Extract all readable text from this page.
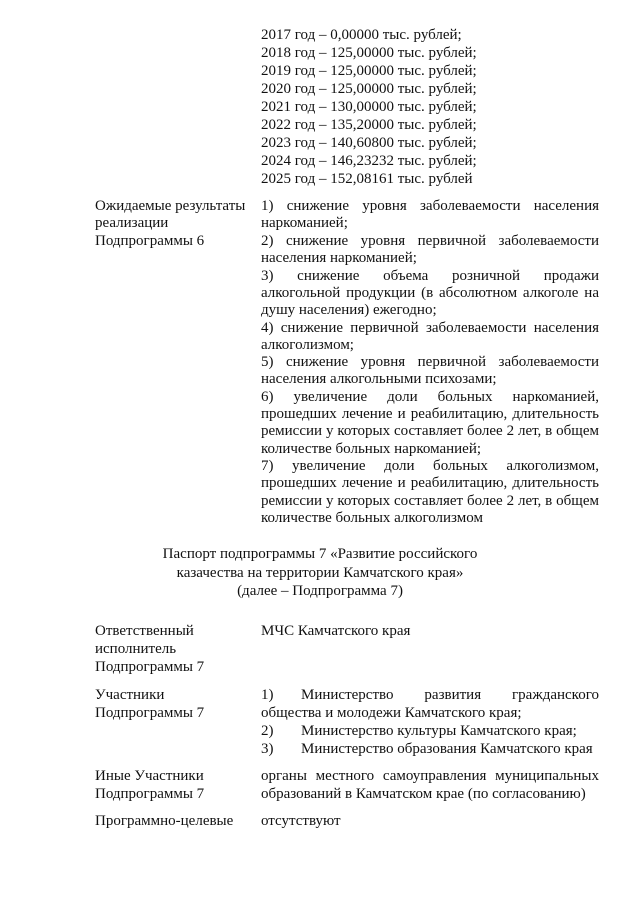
2017 год – 0,00000 тыс. рублей;
2018 год – 125,00000 тыс. рублей;
2019 год – 125,00000 тыс. рублей;
2020 год – 125,00000 тыс. рублей;
2021 год – 130,00000 тыс. рублей;
2022 год – 135,20000 тыс. рублей;
2023 год – 140,60800 тыс. рублей;
2024 год – 146,23232 тыс. рублей;
2025 год – 152,08161 тыс. рублей
Ожидаемые результаты
реализации
Подпрограммы 6
1) снижение уровня заболеваемости населения
наркоманией;
2) снижение уровня первичной заболеваемости
населения наркоманией;
3) снижение объема розничной продажи
алкогольной продукции (в абсолютном алкоголе на
душу населения) ежегодно;
4) снижение первичной заболеваемости населения
алкоголизмом;
5) снижение уровня первичной заболеваемости
населения алкогольными психозами;
6) увеличение доли больных наркоманией,
прошедших лечение и реабилитацию, длительность
ремиссии у которых составляет более 2 лет, в общем
количестве больных наркоманией;
7) увеличение доли больных алкоголизмом,
прошедших лечение и реабилитацию, длительность
ремиссии у которых составляет более 2 лет, в общем
количестве больных алкоголизмом
Паспорт подпрограммы 7 «Развитие российского
казачества на территории Камчатского края»
(далее – Подпрограмма 7)
Ответственный
исполнитель
Подпрограммы 7
МЧС Камчатского края
Участники
Подпрограммы 7
1) Министерство развития гражданского
общества и молодежи Камчатского края;
2) Министерство культуры Камчатского края;
3) Министерство образования Камчатского края
Иные Участники
Подпрограммы 7
органы местного самоуправления муниципальных
образований в Камчатском крае (по согласованию)
Программно-целевые отсутствуют
